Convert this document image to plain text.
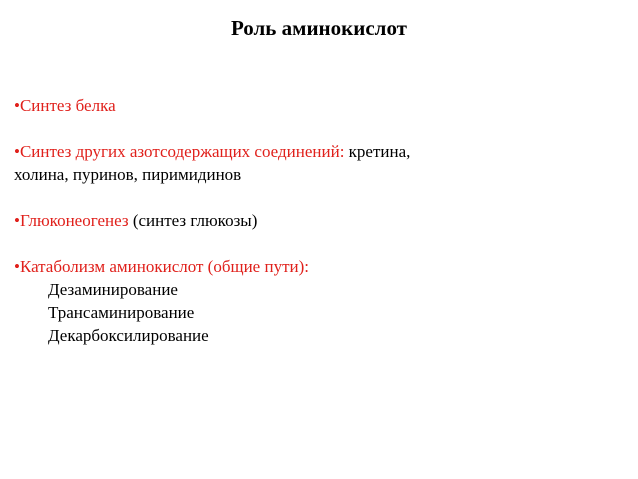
Роль аминокислот

•Синтез белка

•Синтез других азотсодержащих соединений: кретина,

холина, пуринов, пиримидинов

•Глюконеогенез (синтез глюкозы)

•Катаболизм аминокислот (общие пути):

Дезаминирование

Трансаминирование

Декарбоксилирование
